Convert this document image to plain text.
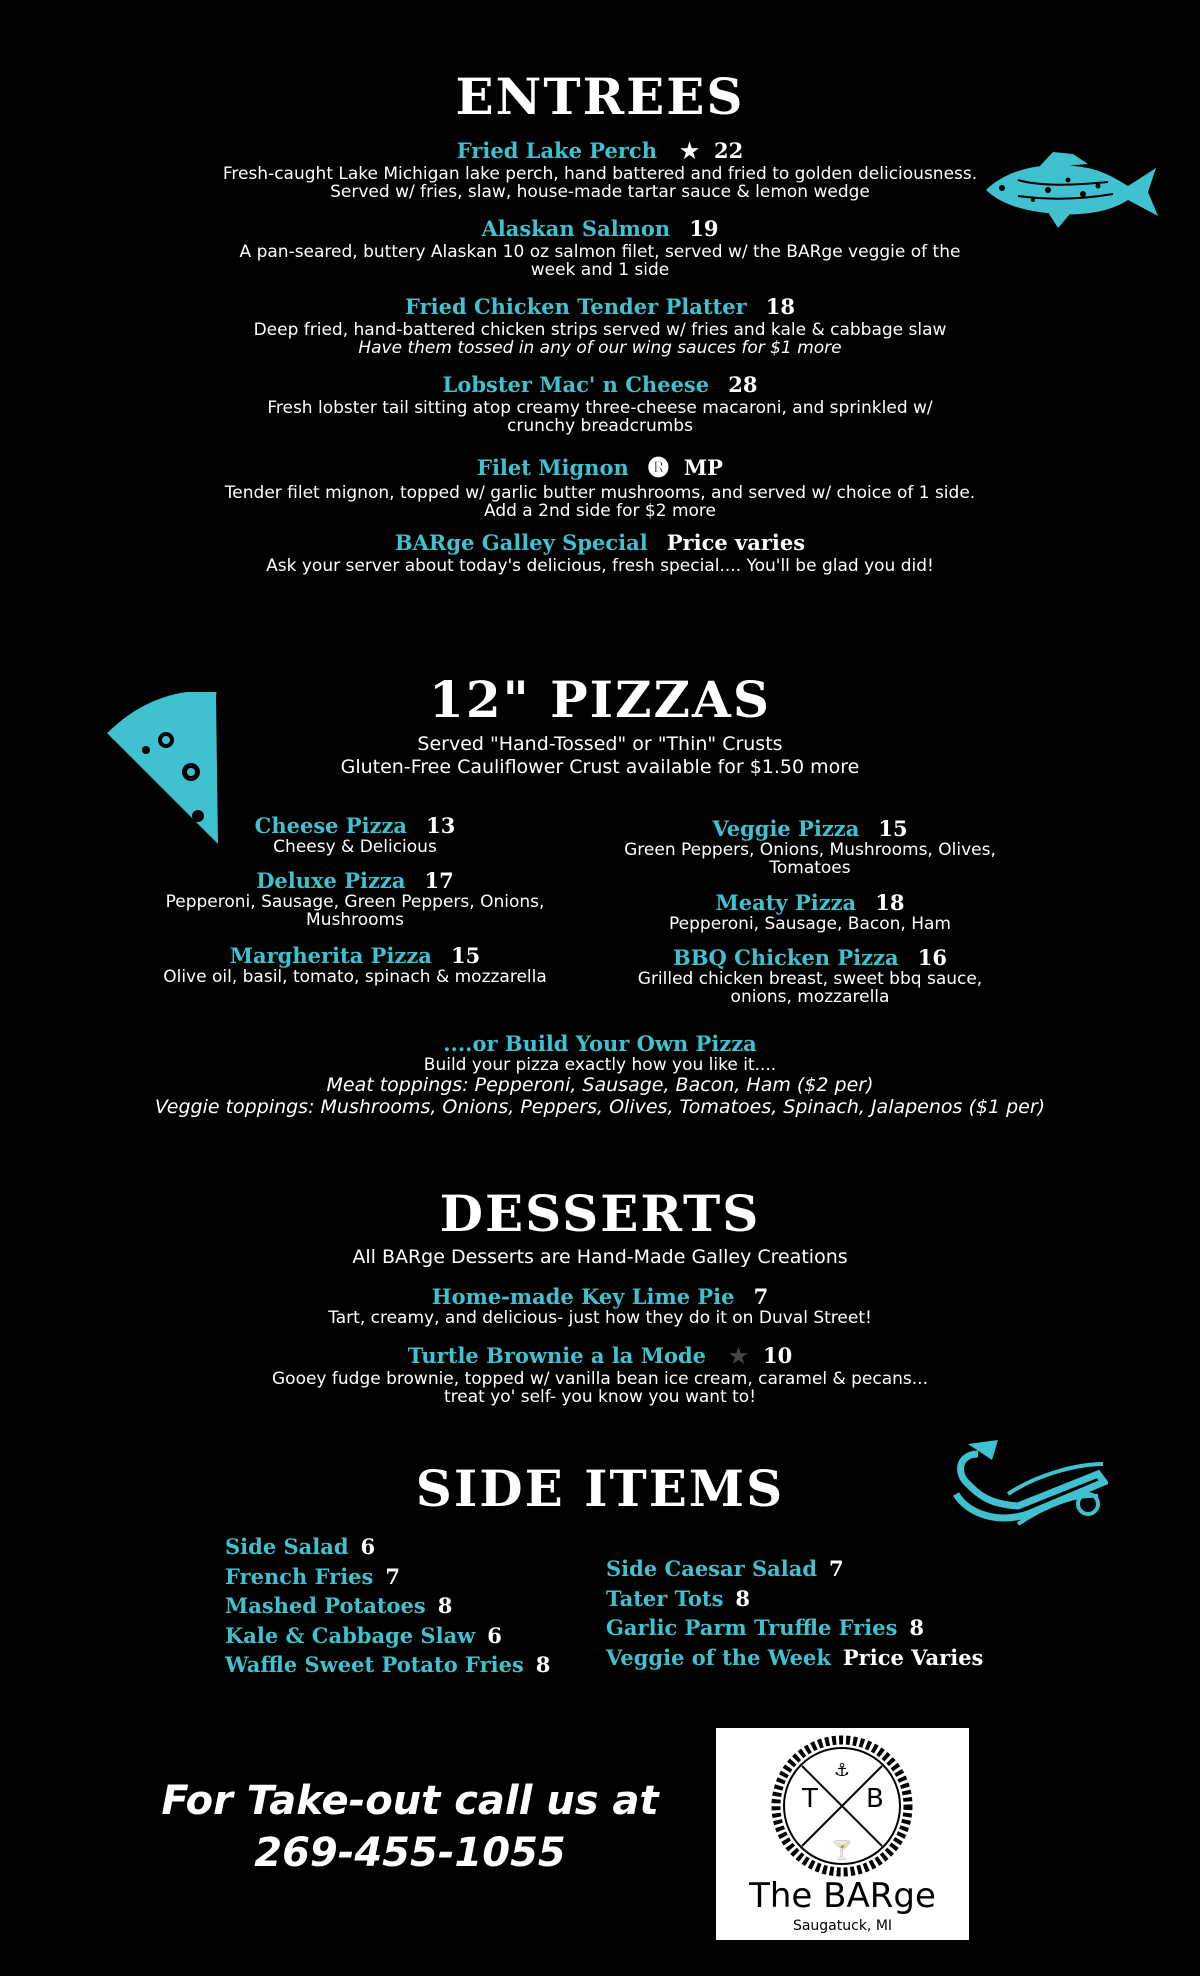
ENTREES
Fried Lake Perch ★ 22
Fresh-caught Lake Michigan lake perch, hand battered and fried to golden deliciousness. Served w/ fries, slaw, house-made tartar sauce & lemon wedge
Alaskan Salmon 19
A pan-seared, buttery Alaskan 10 oz salmon filet, served w/ the BARge veggie of the week and 1 side
Fried Chicken Tender Platter 18
Deep fried, hand-battered chicken strips served w/ fries and kale & cabbage slaw
Have them tossed in any of our wing sauces for $1 more
Lobster Mac' n Cheese 28
Fresh lobster tail sitting atop creamy three-cheese macaroni, and sprinkled w/ crunchy breadcrumbs
Filet Mignon 🅡 MP
Tender filet mignon, topped w/ garlic butter mushrooms, and served w/ choice of 1 side. Add a 2nd side for $2 more
BARge Galley Special Price varies
Ask your server about today's delicious, fresh special.... You'll be glad you did!
12" PIZZAS
Served "Hand-Tossed" or "Thin" Crusts
Gluten-Free Cauliflower Crust available for $1.50 more
Cheese Pizza 13
Cheesy & Delicious
Deluxe Pizza 17
Pepperoni, Sausage, Green Peppers, Onions, Mushrooms
Margherita Pizza 15
Olive oil, basil, tomato, spinach & mozzarella
Veggie Pizza 15
Green Peppers, Onions, Mushrooms, Olives, Tomatoes
Meaty Pizza 18
Pepperoni, Sausage, Bacon, Ham
BBQ Chicken Pizza 16
Grilled chicken breast, sweet bbq sauce, onions, mozzarella
....or Build Your Own Pizza
Build your pizza exactly how you like it....
Meat toppings: Pepperoni, Sausage, Bacon, Ham ($2 per)
Veggie toppings: Mushrooms, Onions, Peppers, Olives, Tomatoes, Spinach, Jalapenos ($1 per)
DESSERTS
All BARge Desserts are Hand-Made Galley Creations
Home-made Key Lime Pie 7
Tart, creamy, and delicious- just how they do it on Duval Street!
Turtle Brownie a la Mode ★ 10
Gooey fudge brownie, topped w/ vanilla bean ice cream, caramel & pecans... treat yo' self- you know you want to!
SIDE ITEMS
Side Salad 6
French Fries 7
Mashed Potatoes 8
Kale & Cabbage Slaw 6
Waffle Sweet Potato Fries 8
Side Caesar Salad 7
Tater Tots 8
Garlic Parm Truffle Fries 8
Veggie of the Week Price Varies
For Take-out call us at
269-455-1055
⚓
🍸
T B
The BARge
Saugatuck, MI
